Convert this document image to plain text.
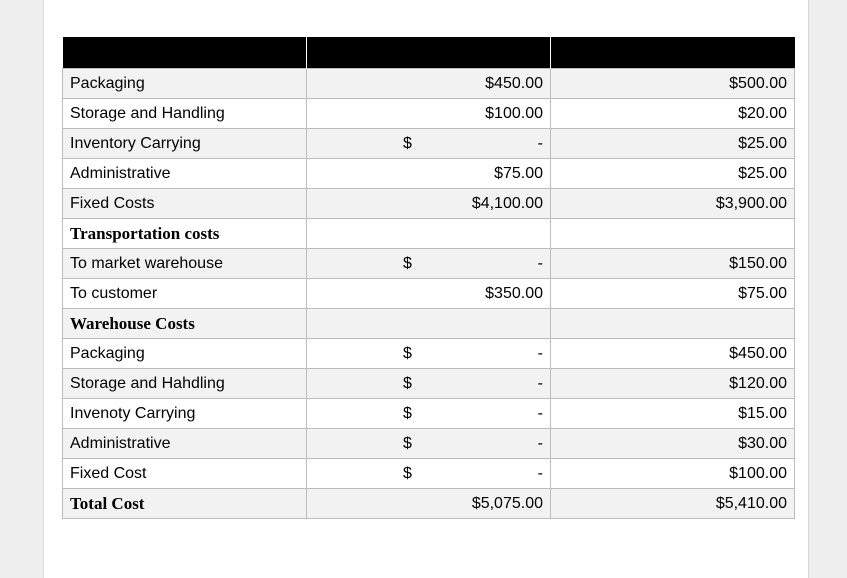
Packaging	$450.00	$500.00
Storage and Handling	$100.00	$20.00
Inventory Carrying	$ -	$25.00
Administrative	$75.00	$25.00
Fixed Costs	$4,100.00	$3,900.00
Transportation costs	

To market warehouse	$ -	$150.00
To customer	$350.00	$75.00
Warehouse Costs	

Packaging	$ -	$450.00
Storage and Hahdling	$ -	$120.00
Invenoty Carrying	$ -	$15.00
Administrative	$ -	$30.00
Fixed Cost	$ -	$100.00
Total Cost	$5,075.00	$5,410.00
